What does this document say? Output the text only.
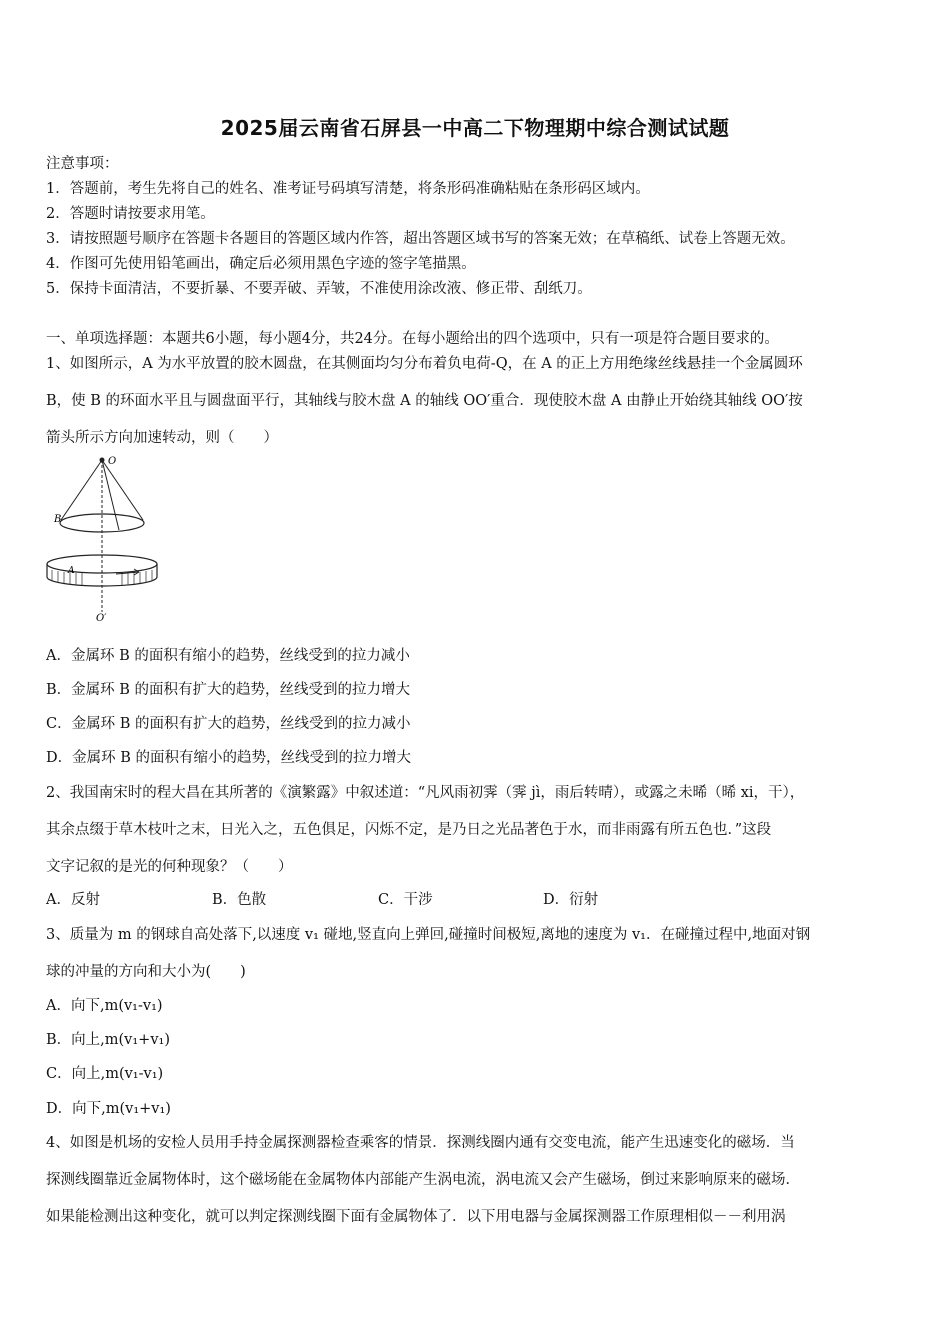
2025届云南省石屏县一中高二下物理期中综合测试试题
注意事项：
1．答题前，考生先将自己的姓名、准考证号码填写清楚，将条形码准确粘贴在条形码区域内。
2．答题时请按要求用笔。
3．请按照题号顺序在答题卡各题目的答题区域内作答，超出答题区域书写的答案无效；在草稿纸、试卷上答题无效。
4．作图可先使用铅笔画出，确定后必须用黑色字迹的签字笔描黑。
5．保持卡面清洁，不要折暴、不要弄破、弄皱，不准使用涂改液、修正带、刮纸刀。
一、单项选择题：本题共6小题，每小题4分，共24分。在每小题给出的四个选项中，只有一项是符合题目要求的。
1、如图所示，A 为水平放置的胶木圆盘，在其侧面均匀分布着负电荷-Q，在 A 的正上方用绝缘丝线悬挂一个金属圆环
B，使 B 的环面水平且与圆盘面平行，其轴线与胶木盘 A 的轴线 OO′重合．现使胶木盘 A 由静止开始绕其轴线 OO′按
箭头所示方向加速转动，则（　　）
O
B
A
O′
A．金属环 B 的面积有缩小的趋势，丝线受到的拉力减小
B．金属环 B 的面积有扩大的趋势，丝线受到的拉力增大
C．金属环 B 的面积有扩大的趋势，丝线受到的拉力减小
D．金属环 B 的面积有缩小的趋势，丝线受到的拉力增大
2、我国南宋时的程大昌在其所著的《演繁露》中叙述道：“凡风雨初霁（霁 jì，雨后转晴），或露之未晞（晞 xi，干），
其余点缀于草木枝叶之末，日光入之，五色俱足，闪烁不定，是乃日之光品著色于水，而非雨露有所五色也．”这段
文字记叙的是光的何种现象？（　　）
A．反射	B．色散	C．干涉	D．衍射
3、质量为 m 的钢球自高处落下,以速度 v₁ 碰地,竖直向上弹回,碰撞时间极短,离地的速度为 v₁．在碰撞过程中,地面对钢
球的冲量的方向和大小为(　　)
A．向下,m(v₁-v₁)
B．向上,m(v₁+v₁)
C．向上,m(v₁-v₁)
D．向下,m(v₁+v₁)
4、如图是机场的安检人员用手持金属探测器检查乘客的情景．探测线圈内通有交变电流，能产生迅速变化的磁场．当
探测线圈靠近金属物体时，这个磁场能在金属物体内部能产生涡电流，涡电流又会产生磁场，倒过来影响原来的磁场．
如果能检测出这种变化，就可以判定探测线圈下面有金属物体了．以下用电器与金属探测器工作原理相似－－利用涡
